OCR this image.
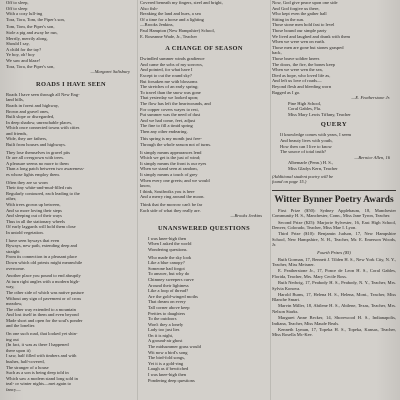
Off to sleep,
Off to sleep
With a cozy lull-ing
Tora, Tora, Tom, the Piper's son,
Tom, Tom, the Piper's son,
Stole a pig and away he run,
Merrily, merrily along,
Should I say,
A child for the tay?
Ye boy, oh! boy
We saw and blaze!
Tora, Tora, the Piper's son,
—Margaret Salisbury
ROADS I HAVE SEEN
Roads I have seen through all New Eng-
land hills,
Roads in forest and highway,
Brown and gravel ones,
Built slope or disregarded,
In deep shadow, unreachable places,
Which once connected towns with cities
and friends,
Wide, they are fathers,
Built from houses and highways.
They lose themselves in gravel pits
Or are all overgrown with trees.
A pleasure seems no more to them
Than a long patch between two awareness-
es whose lights employ them.
Often they are so worn
Their tiny white-and-mud-filled ruts
Regularly contoured, each leading to the
other,
With trees grown up between,
And so more loving their steps
And sleeping out of their ways
Thus in all the stationary wheels
Of early laggards will hold them close
In untold vegetation.
I have seen byways that even
Byways, new path, extending deep and
straight
From its connection in a pleasant place
Down which old priests might meanwhile
overcome.
Another place you pound to end abruptly
At turn right angles with a modern high-
way,
The other side of which was native pasture
Without any sign of pavement or of cross
meadow,
The other way extended to a mountain
And lost itself in them and even beyond
Made short and open for the soul's ponder
and the lonelier.
On one such road, that looked yet shin-
ing out
(In fact, it was as there I happened
there upon it)
I saw, half filled with timbers and with
bushes, half-covered,
The stranger of a house
Such as a son is being deep told in
Which saw a modern stand long sold in
teal- or winter nights—met again to
fancy—
Covered beneath my fingers, steel and bright,
Also fish-
Breaking the land and hues, a sea
Of a time for a horse and a lighting
—Brooks Jenkins,
Paul Hampton (New Hampshire) School,
E. Roseanne Wade, Jr., Teacher
A CHANGE OF SEASON
Dwindled summer winds gradience
And came the sobs of my sorrows,
And pointed, for what have I
Except to cut the round sky?
But forsaken me with blossoms
The stretches of an early spring;
To travel than the snow was gone
That yesterday we looked upon;
The flow has left the heartwounds, and
For copper covers wayes to rest,
Put summer was the need of dust
And we had come, feet, adjust
The fine to fill a timid spring
Then any other endearing.
This spring is my month just free-
Through the whole season not of turns.
It simply means appearances lend
Which we get is the just of wind;
It simply means the front is our eyes
When we stand seen at random,
It simply means a touch of grey
When every one greets; and we would
know,
I think, Southwiks you is here
And a merry ring around the moon.
Think that the morrow can't be far
Each side of what they really are.
—Brooks Jenkins
UNANSWERED QUESTIONS
I was knee-high then
When I asked the world
Wondering questions.
Who made the sky look
Like a blue canopy?
Someone had forgot
To answer, but why do
Chimney sweepers curve
Around their lightness
Like a loop of thread?
Are the gold-winged moths
That dream on every
Tall corner above keep
Pretties to daughters
To the outdoors
Won't they a lonely
Lady too just lies
On it is night,
A ground-air ghost
The midsummer grass would
Wit now a bird's song
The bird-fold songs,
Yet it is a gold-ring
Laugh as if bewitched
I was knee-high then
Pondering deep questions
Now, God give peace upon one side
And God forgive us there,
Who kept even the gather hall
Sitting in the sun.
Those stone men hold fast to level
Those bound our simple party
We lived and laughed and drank with them
When we were wen on earth.
Those men are gone but stones grasped
back,
Those brave soldier knees
The doors, the fire, the bones keep
When we were wen the sea,
Died as hope, who loved life as,
And left us love of roads—
Beyond flesh and bleeding worn
Ragged as I go.
—E. Featherstone Jr.
Pine High School,
Coral Gables, Fla.
Miss Mary Lewis Tiffany, Teacher
QUERY
If knowledge comes with years, I seem
And beauty lives with youth,
How then can I live to know
The source of total truth?
—Bernice Allen, 16
Albemarle (Penn.) H. S.,
Miss Gladys Kern, Teacher
(Additional student poetry will be
found on page 15.)
Witter Bynner Poetry Awards
First Prize ($50): Sydney Applebaum, 18, Manchester Community H. S., Manchester, Conn., Miss Jane Tyron, Teacher.
Second Prize ($25): Marjorie Sylvester, 16, East High School, Denver, Colorado, Teacher, Miss Mae I. Lyon.
Third Prize ($10): Benjamin Judson, 17, New Hampshire School, New Hampshire, N. H., Teacher, Mr. E. Emerson Woods, Jr.
Fourth Prizes ($5)
Ruth Gorman, 17, Bennett J. Tilden H. S., New York City, N. Y., Teacher, Miss Meixner.
E. Featherstone Jr., 17, Ponce de Leon H. S., Coral Gables, Florida, Teacher, Mrs. Mary Cecile Ross.
Ruth Nedwig, 17, Peabody H. S., Peabody, N. Y., Teacher, Mrs. Sylvia Konova.
Harold Burns, 17, Helena H. S., Helena, Mont., Teacher, Miss Blanche Smart.
Marvin Miller, 18, Abilene H. S., Abilene, Texas, Teacher, Mrs. Nelson Starks.
Margaret Anne Becker, 14, Shorewood H. S., Indianapolis, Indiana, Teacher, Miss Maude Beals.
Kenneth Lyman, 17, Topeka H. S., Topeka, Kansas, Teacher, Miss Rosella Mc-Kee.
